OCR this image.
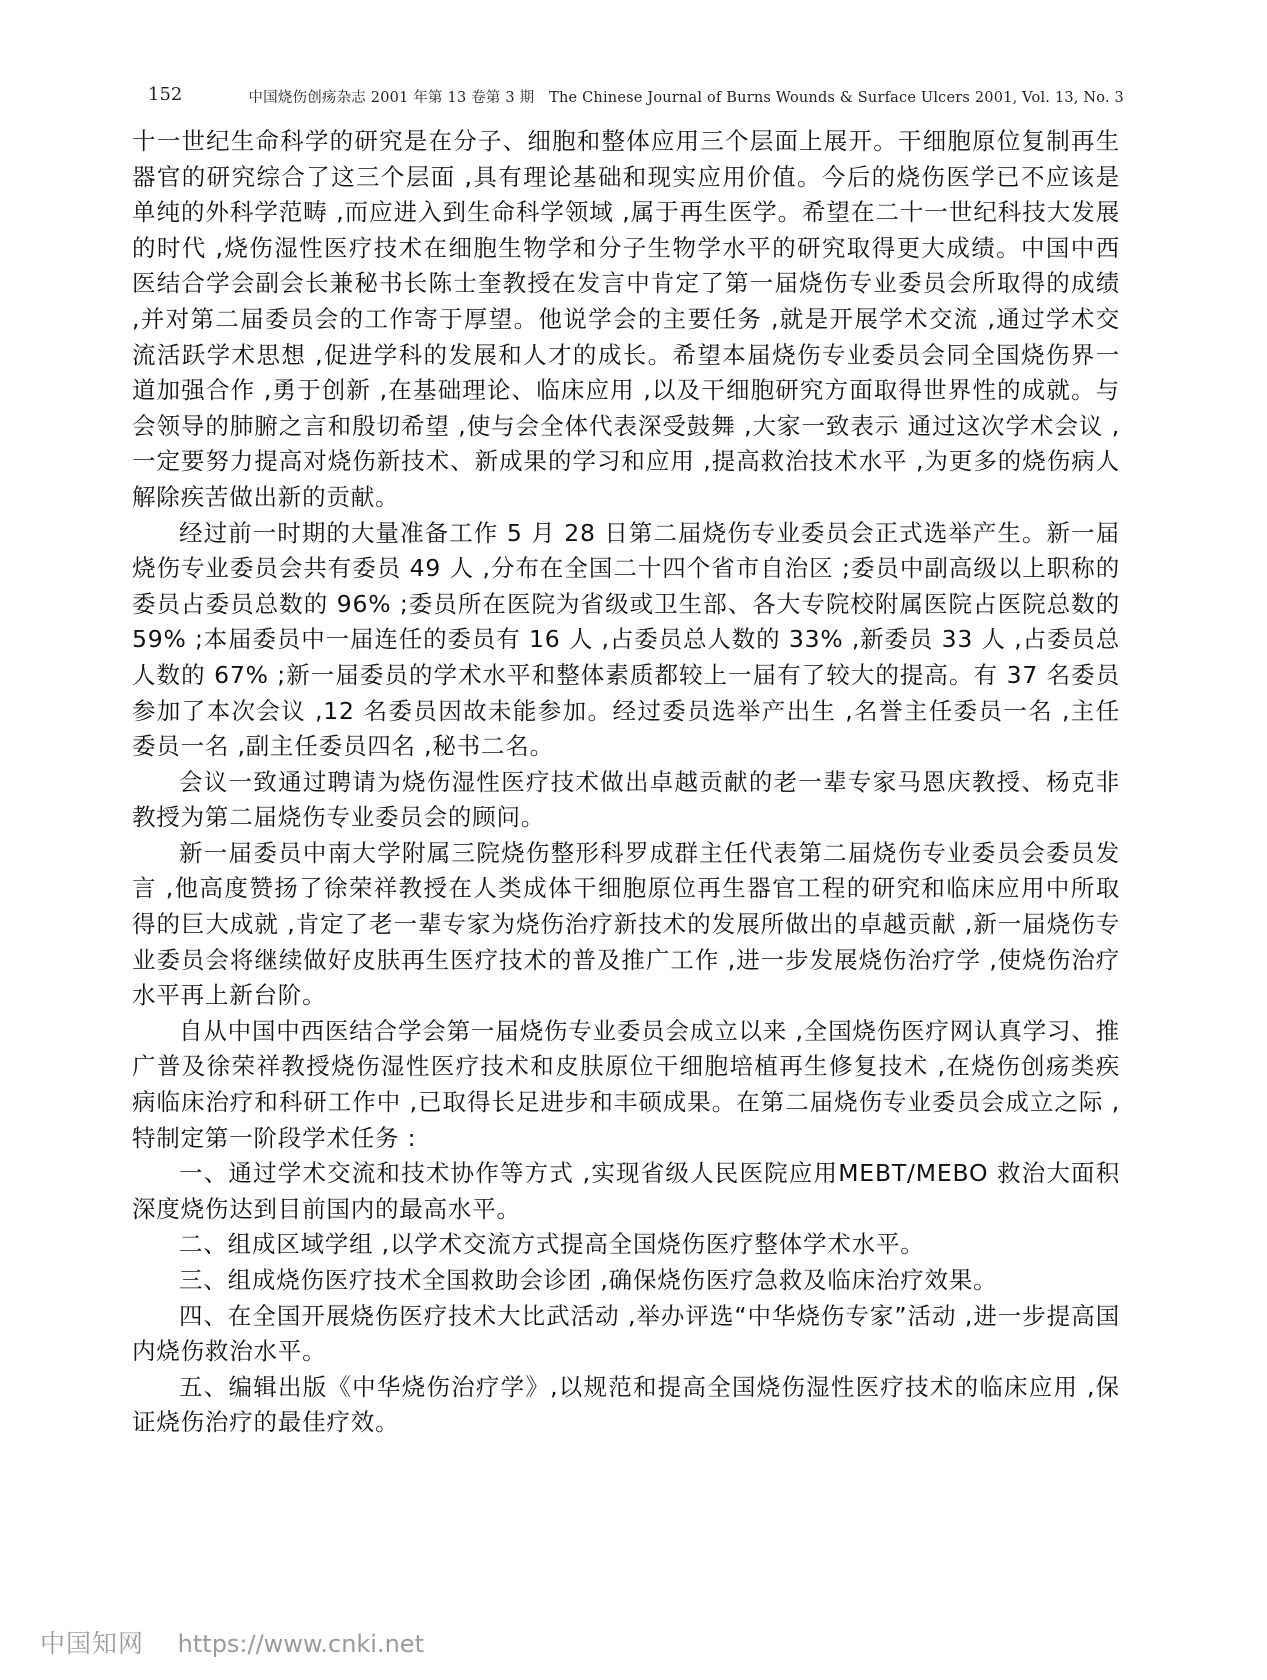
152	中国烧伤创疡杂志 2001 年第 13 卷第 3 期 The Chinese Journal of Burns Wounds & Surface Ulcers 2001, Vol. 13, No. 3

十一世纪生命科学的研究是在分子、细胞和整体应用三个层面上展开。干细胞原位复制再生器官的研究综合了这三个层面 ,具有理论基础和现实应用价值。今后的烧伤医学已不应该是单纯的外科学范畴 ,而应进入到生命科学领域 ,属于再生医学。希望在二十一世纪科技大发展的时代 ,烧伤湿性医疗技术在细胞生物学和分子生物学水平的研究取得更大成绩。中国中西医结合学会副会长兼秘书长陈士奎教授在发言中肯定了第一届烧伤专业委员会所取得的成绩 ,并对第二届委员会的工作寄于厚望。他说学会的主要任务 ,就是开展学术交流 ,通过学术交流活跃学术思想 ,促进学科的发展和人才的成长。希望本届烧伤专业委员会同全国烧伤界一道加强合作 ,勇于创新 ,在基础理论、临床应用 ,以及干细胞研究方面取得世界性的成就。与会领导的肺腑之言和殷切希望 ,使与会全体代表深受鼓舞 ,大家一致表示 通过这次学术会议 ,一定要努力提高对烧伤新技术、新成果的学习和应用 ,提高救治技术水平 ,为更多的烧伤病人解除疾苦做出新的贡献。

经过前一时期的大量准备工作 5 月 28 日第二届烧伤专业委员会正式选举产生。新一届烧伤专业委员会共有委员 49 人 ,分布在全国二十四个省市自治区 ;委员中副高级以上职称的委员占委员总数的 96% ;委员所在医院为省级或卫生部、各大专院校附属医院占医院总数的 59% ;本届委员中一届连任的委员有 16 人 ,占委员总人数的 33% ,新委员 33 人 ,占委员总人数的 67% ;新一届委员的学术水平和整体素质都较上一届有了较大的提高。有 37 名委员参加了本次会议 ,12 名委员因故未能参加。经过委员选举产出生 ,名誉主任委员一名 ,主任委员一名 ,副主任委员四名 ,秘书二名。

会议一致通过聘请为烧伤湿性医疗技术做出卓越贡献的老一辈专家马恩庆教授、杨克非教授为第二届烧伤专业委员会的顾问。

新一届委员中南大学附属三院烧伤整形科罗成群主任代表第二届烧伤专业委员会委员发言 ,他高度赞扬了徐荣祥教授在人类成体干细胞原位再生器官工程的研究和临床应用中所取得的巨大成就 ,肯定了老一辈专家为烧伤治疗新技术的发展所做出的卓越贡献 ,新一届烧伤专业委员会将继续做好皮肤再生医疗技术的普及推广工作 ,进一步发展烧伤治疗学 ,使烧伤治疗水平再上新台阶。

自从中国中西医结合学会第一届烧伤专业委员会成立以来 ,全国烧伤医疗网认真学习、推广普及徐荣祥教授烧伤湿性医疗技术和皮肤原位干细胞培植再生修复技术 ,在烧伤创疡类疾病临床治疗和科研工作中 ,已取得长足进步和丰硕成果。在第二届烧伤专业委员会成立之际 ,特制定第一阶段学术任务 :

一、通过学术交流和技术协作等方式 ,实现省级人民医院应用MEBT/MEBO 救治大面积深度烧伤达到目前国内的最高水平。

二、组成区域学组 ,以学术交流方式提高全国烧伤医疗整体学术水平。

三、组成烧伤医疗技术全国救助会诊团 ,确保烧伤医疗急救及临床治疗效果。

四、在全国开展烧伤医疗技术大比武活动 ,举办评选“中华烧伤专家”活动 ,进一步提高国内烧伤救治水平。

五、编辑出版《中华烧伤治疗学》,以规范和提高全国烧伤湿性医疗技术的临床应用 ,保证烧伤治疗的最佳疗效。

中国知网 https://www.cnki.net
